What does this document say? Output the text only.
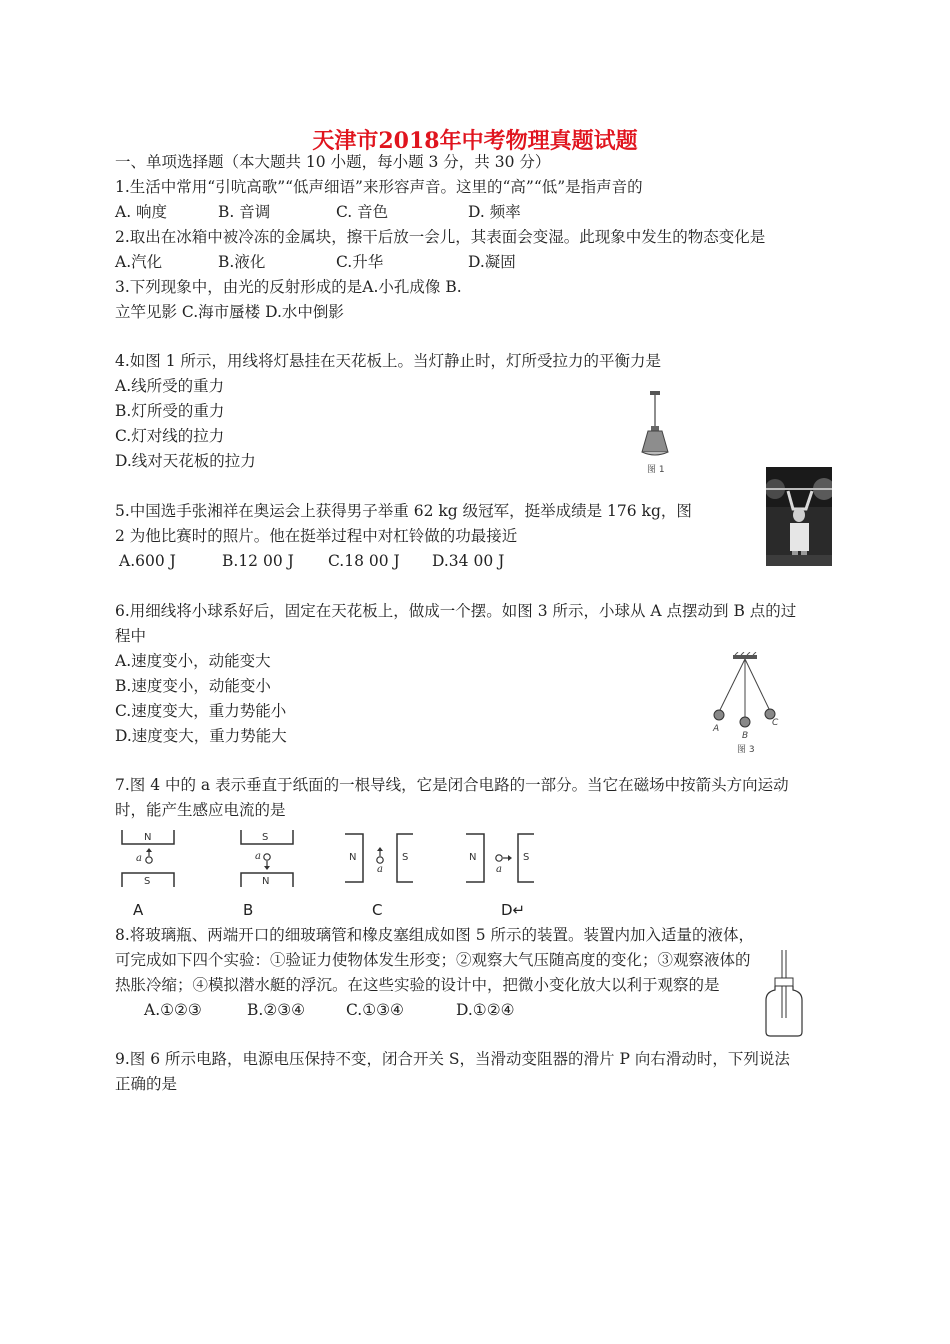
天津市2018年中考物理真题试题
一、单项选择题（本大题共 10 小题，每小题 3 分，共 30 分）
1.生活中常用“引吭高歌”“低声细语”来形容声音。这里的“高”“低”是指声音的
A. 响度	B. 音调	C. 音色	D. 频率
2.取出在冰箱中被冷冻的金属块，擦干后放一会儿，其表面会变湿。此现象中发生的物态变化是
A.汽化	B.液化	C.升华	D.凝固
3.下列现象中，由光的反射形成的是A.小孔成像 B.
立竿见影 C.海市蜃楼 D.水中倒影
4.如图 1 所示，用线将灯悬挂在天花板上。当灯静止时，灯所受拉力的平衡力是
A.线所受的重力
B.灯所受的重力
C.灯对线的拉力
D.线对天花板的拉力	图 1
5.中国选手张湘祥在奥运会上获得男子举重 62 kg 级冠军，挺举成绩是 176 kg，图
2 为他比赛时的照片。他在挺举过程中对杠铃做的功最接近
A.600 J	B.12 00 J C.18 00 J D.34 00 J
6.用细线将小球系好后，固定在天花板上，做成一个摆。如图 3 所示，小球从 A 点摆动到 B 点的过
程中
A.速度变小，动能变大
B.速度变小，动能变小
C.速度变大，重力势能小
D.速度变大，重力势能大	A
B
C
图 3
7.图 4 中的 a 表示垂直于纸面的一根导线，它是闭合电路的一部分。当它在磁场中按箭头方向运动
时，能产生感应电流的是
N
S
a
A
S
N
a
B
N	S
a
C
N	S
a
D↵
8.将玻璃瓶、两端开口的细玻璃管和橡皮塞组成如图 5 所示的装置。装置内加入适量的液体，
可完成如下四个实验：①验证力使物体发生形变；②观察大气压随高度的变化；③观察液体的
热胀冷缩；④模拟潜水艇的浮沉。在这些实验的设计中，把微小变化放大以利于观察的是
A.①②③	B.②③④	C.①③④	D.①②④
9.图 6 所示电路，电源电压保持不变，闭合开关 S，当滑动变阻器的滑片 P 向右滑动时，下列说法
正确的是
